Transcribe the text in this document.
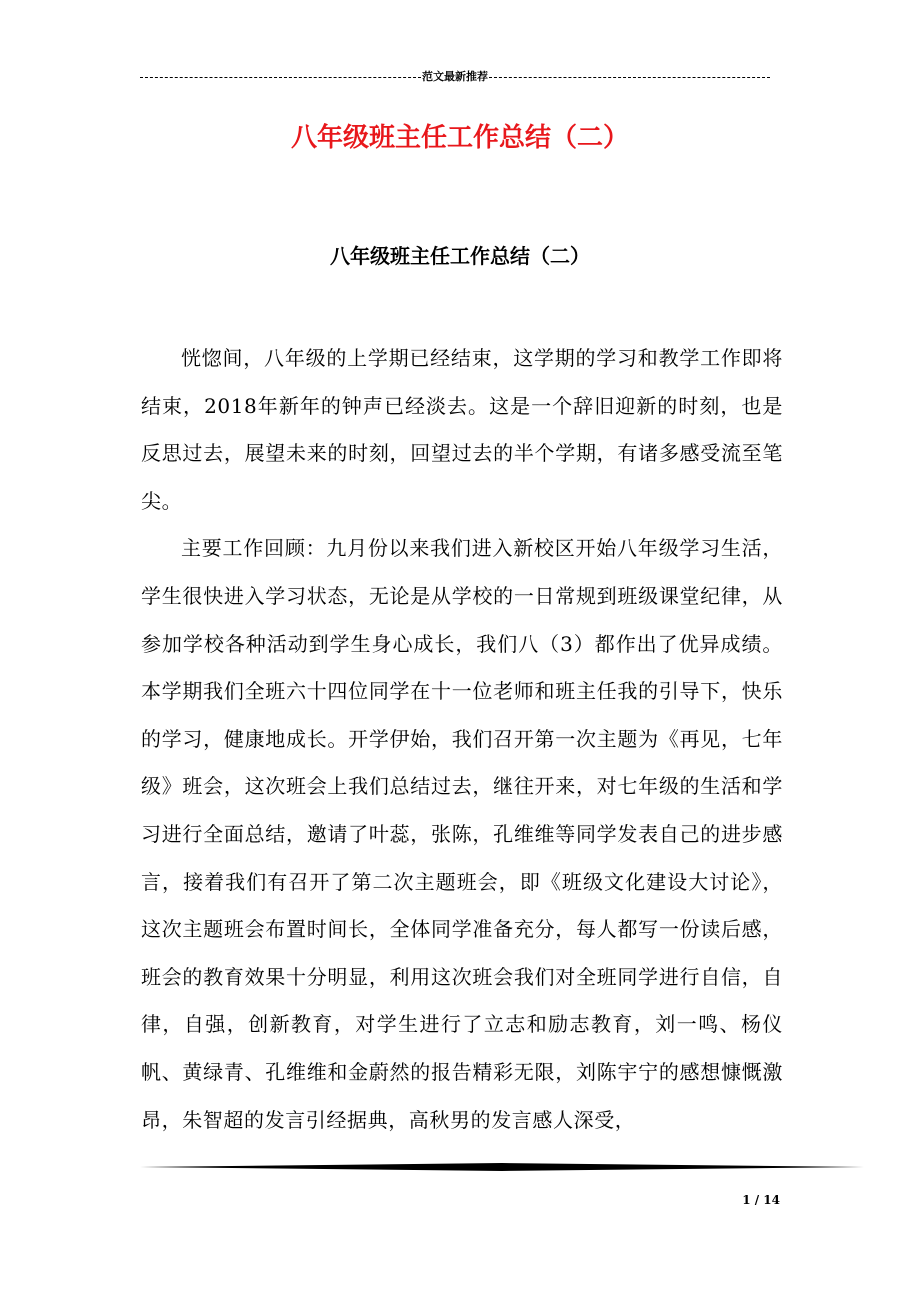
范文最新推荐
八年级班主任工作总结（二）
八年级班主任工作总结（二）

恍惚间，八年级的上学期已经结束，这学期的学习和教学工作即将结束，2018年新年的钟声已经淡去。这是一个辞旧迎新的时刻，也是反思过去，展望未来的时刻，回望过去的半个学期，有诸多感受流至笔尖。

主要工作回顾：九月份以来我们进入新校区开始八年级学习生活，学生很快进入学习状态，无论是从学校的一日常规到班级课堂纪律，从参加学校各种活动到学生身心成长，我们八（3）都作出了优异成绩。本学期我们全班六十四位同学在十一位老师和班主任我的引导下，快乐的学习，健康地成长。开学伊始，我们召开第一次主题为《再见，七年级》班会，这次班会上我们总结过去，继往开来，对七年级的生活和学习进行全面总结，邀请了叶蕊，张陈，孔维维等同学发表自己的进步感言，接着我们有召开了第二次主题班会，即《班级文化建设大讨论》，这次主题班会布置时间长，全体同学准备充分，每人都写一份读后感，班会的教育效果十分明显，利用这次班会我们对全班同学进行自信，自律，自强，创新教育，对学生进行了立志和励志教育，刘一鸣、杨仪帆、黄绿青、孔维维和金蔚然的报告精彩无限，刘陈宇宁的感想慷慨激昂，朱智超的发言引经据典，高秋男的发言感人深受，

1 / 14
